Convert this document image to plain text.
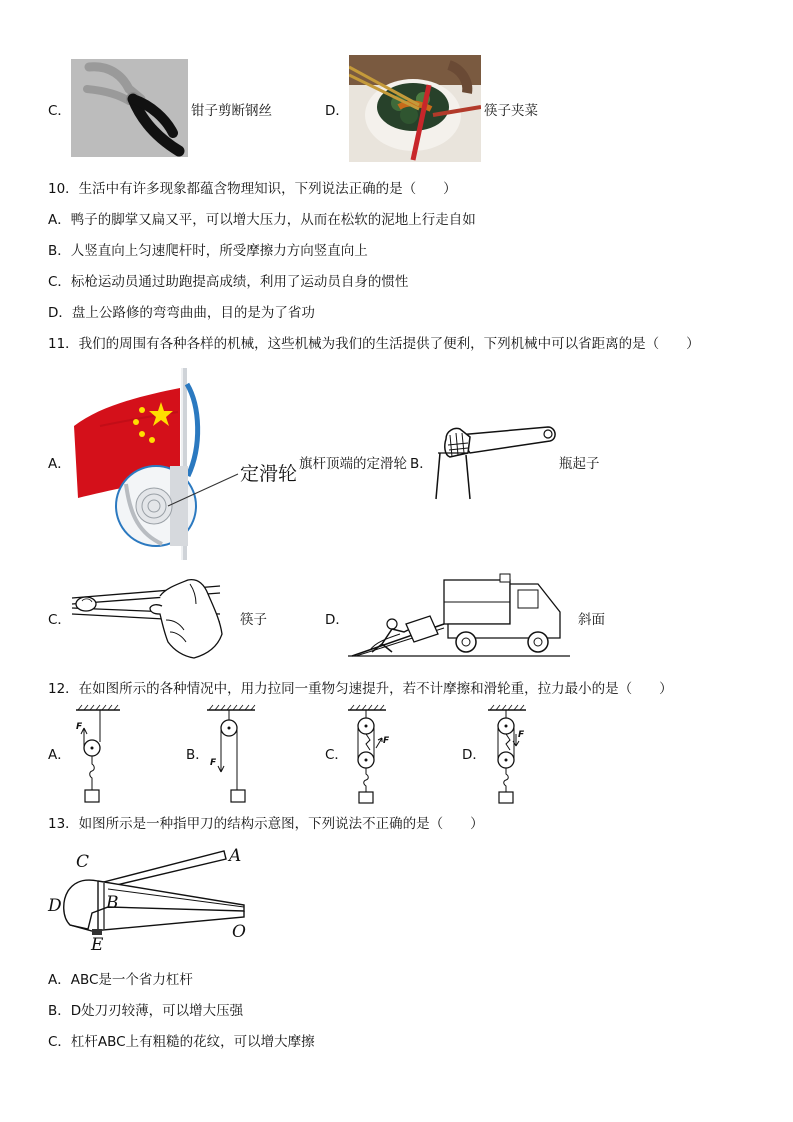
C．	钳子剪断钢丝	D．	筷子夹菜
10．生活中有许多现象都蕴含物理知识，下列说法正确的是（　　）
A．鸭子的脚掌又扁又平，可以增大压力，从而在松软的泥地上行走自如
B．人竖直向上匀速爬杆时，所受摩擦力方向竖直向上
C．标枪运动员通过助跑提高成绩，利用了运动员自身的惯性
D．盘上公路修的弯弯曲曲，目的是为了省功
11．我们的周围有各种各样的机械，这些机械为我们的生活提供了便利，下列机械中可以省距离的是（　　）
A．	定滑轮 旗杆顶端的定滑轮 B．	瓶起子
C．	筷子	D．	斜面
12．在如图所示的各种情况中，用力拉同一重物匀速提升，若不计摩擦和滑轮重，拉力最小的是（　　）
A．
F
B． F	C．
F
D．
F
13．如图所示是一种指甲刀的结构示意图，下列说法不正确的是（　　）
C	A
D	B
E
O
A．ABC是一个省力杠杆
B．D处刀刃较薄，可以增大压强
C．杠杆ABC上有粗糙的花纹，可以增大摩擦
